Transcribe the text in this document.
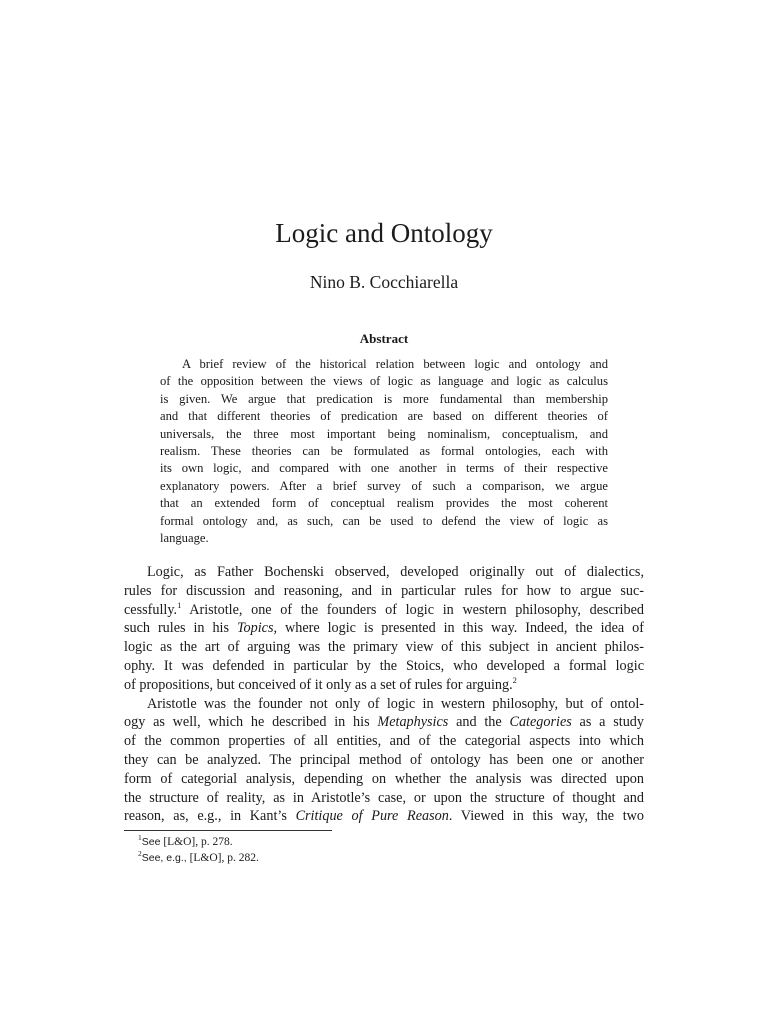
Logic and Ontology
Nino B. Cocchiarella
Abstract
A brief review of the historical relation between logic and ontology and
of the opposition between the views of logic as language and logic as calculus
is given. We argue that predication is more fundamental than membership
and that different theories of predication are based on different theories of
universals, the three most important being nominalism, conceptualism, and
realism. These theories can be formulated as formal ontologies, each with
its own logic, and compared with one another in terms of their respective
explanatory powers. After a brief survey of such a comparison, we argue
that an extended form of conceptual realism provides the most coherent
formal ontology and, as such, can be used to defend the view of logic as
language.
Logic, as Father Bochenski observed, developed originally out of dialectics,
rules for discussion and reasoning, and in particular rules for how to argue suc-
cessfully.$^1$ Aristotle, one of the founders of logic in western philosophy, described
such rules in his Topics, where logic is presented in this way. Indeed, the idea of
logic as the art of arguing was the primary view of this subject in ancient philos-
ophy. It was defended in particular by the Stoics, who developed a formal logic
of propositions, but conceived of it only as a set of rules for arguing.$^2$
Aristotle was the founder not only of logic in western philosophy, but of ontol-
ogy as well, which he described in his Metaphysics and the Categories as a study
of the common properties of all entities, and of the categorial aspects into which
they can be analyzed. The principal method of ontology has been one or another
form of categorial analysis, depending on whether the analysis was directed upon
the structure of reality, as in Aristotle’s case, or upon the structure of thought and
reason, as, e.g., in Kant’s Critique of Pure Reason. Viewed in this way, the two
$^1$See [L&O], p. 278.
$^2$See, e.g., [L&O], p. 282.
